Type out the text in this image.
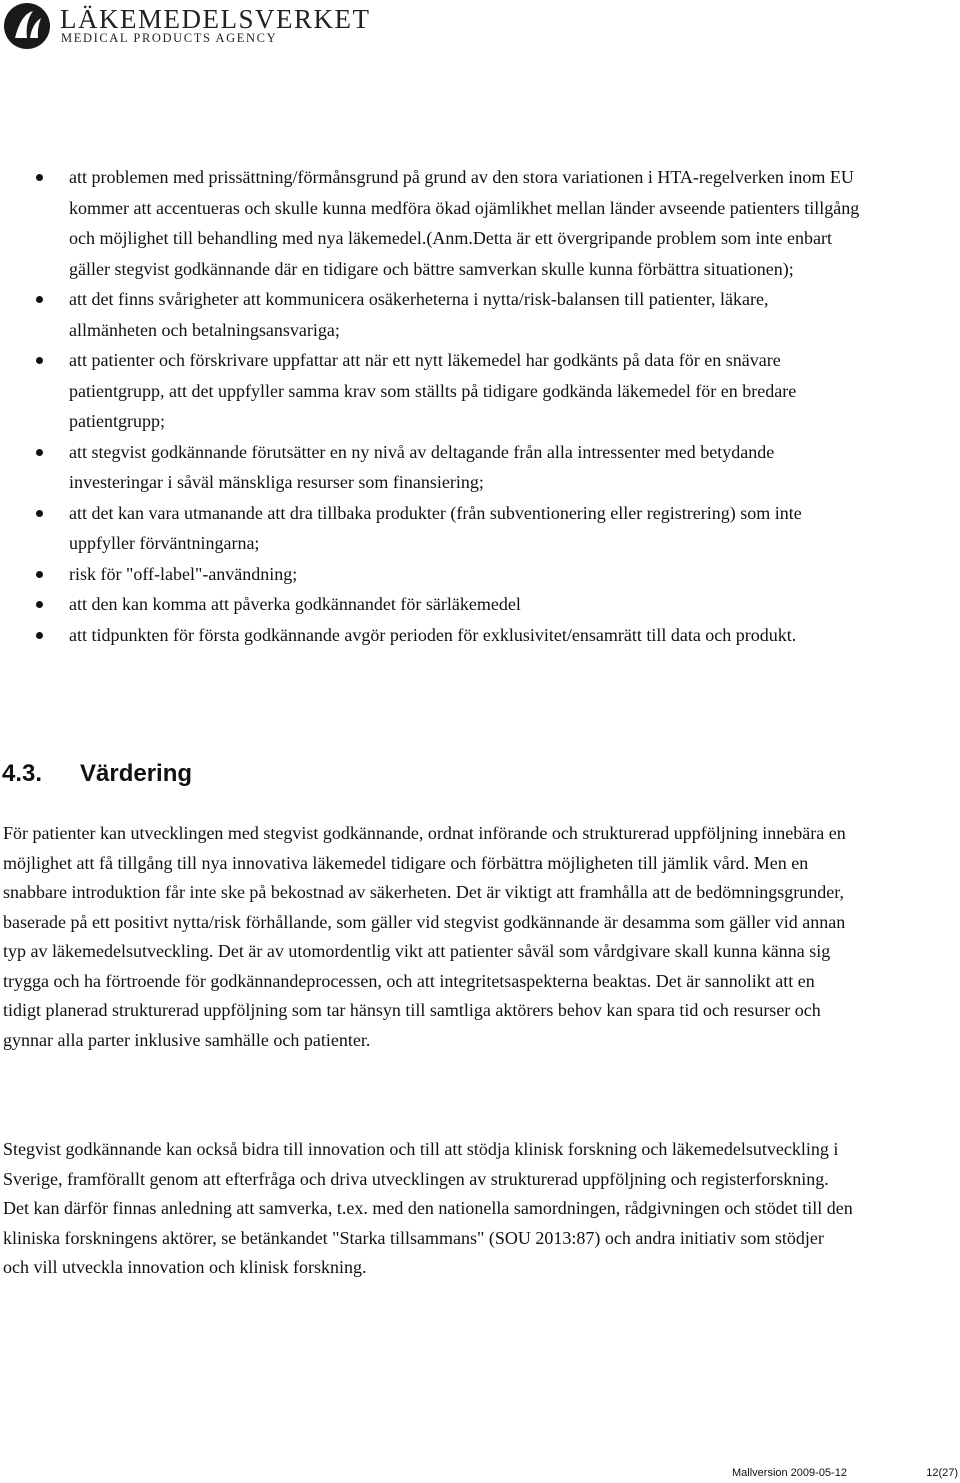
LÄKEMEDELSVERKET
MEDICAL PRODUCTS AGENCY
att problemen med prissättning/förmånsgrund på grund av den stora variationen i HTA-regelverken inom EU kommer att accentueras och skulle kunna medföra ökad ojämlikhet mellan länder avseende patienters tillgång och möjlighet till behandling med nya läkemedel.(Anm.Detta är ett övergripande problem som inte enbart gäller stegvist godkännande där en tidigare och bättre samverkan skulle kunna förbättra situationen);
att det finns svårigheter att kommunicera osäkerheterna i nytta/risk-balansen till patienter, läkare, allmänheten och betalningsansvariga;
att patienter och förskrivare uppfattar att när ett nytt läkemedel har godkänts på data för en snävare patientgrupp, att det uppfyller samma krav som ställts på tidigare godkända läkemedel för en bredare patientgrupp;
att stegvist godkännande förutsätter en ny nivå av deltagande från alla intressenter med betydande investeringar i såväl mänskliga resurser som finansiering;
att det kan vara utmanande att dra tillbaka produkter (från subventionering eller registrering) som inte uppfyller förväntningarna;
risk för "off-label"-användning;
att den kan komma att påverka godkännandet för särläkemedel
att tidpunkten för första godkännande avgör perioden för exklusivitet/ensamrätt till data och produkt.
4.3. Värdering

För patienter kan utvecklingen med stegvist godkännande, ordnat införande och strukturerad uppföljning innebära en möjlighet att få tillgång till nya innovativa läkemedel tidigare och förbättra möjligheten till jämlik vård. Men en snabbare introduktion får inte ske på bekostnad av säkerheten. Det är viktigt att framhålla att de bedömningsgrunder, baserade på ett positivt nytta/risk förhållande, som gäller vid stegvist godkännande är desamma som gäller vid annan typ av läkemedelsutveckling. Det är av utomordentlig vikt att patienter såväl som vårdgivare skall kunna känna sig trygga och ha förtroende för godkännandeprocessen, och att integritetsaspekterna beaktas. Det är sannolikt att en tidigt planerad strukturerad uppföljning som tar hänsyn till samtliga aktörers behov kan spara tid och resurser och gynnar alla parter inklusive samhälle och patienter.

Stegvist godkännande kan också bidra till innovation och till att stödja klinisk forskning och läkemedelsutveckling i Sverige, framförallt genom att efterfråga och driva utvecklingen av strukturerad uppföljning och registerforskning. Det kan därför finnas anledning att samverka, t.ex. med den nationella samordningen, rådgivningen och stödet till den kliniska forskningens aktörer, se betänkandet "Starka tillsammans" (SOU 2013:87) och andra initiativ som stödjer och vill utveckla innovation och klinisk forskning.

Mallversion 2009-05-12	12(27)
